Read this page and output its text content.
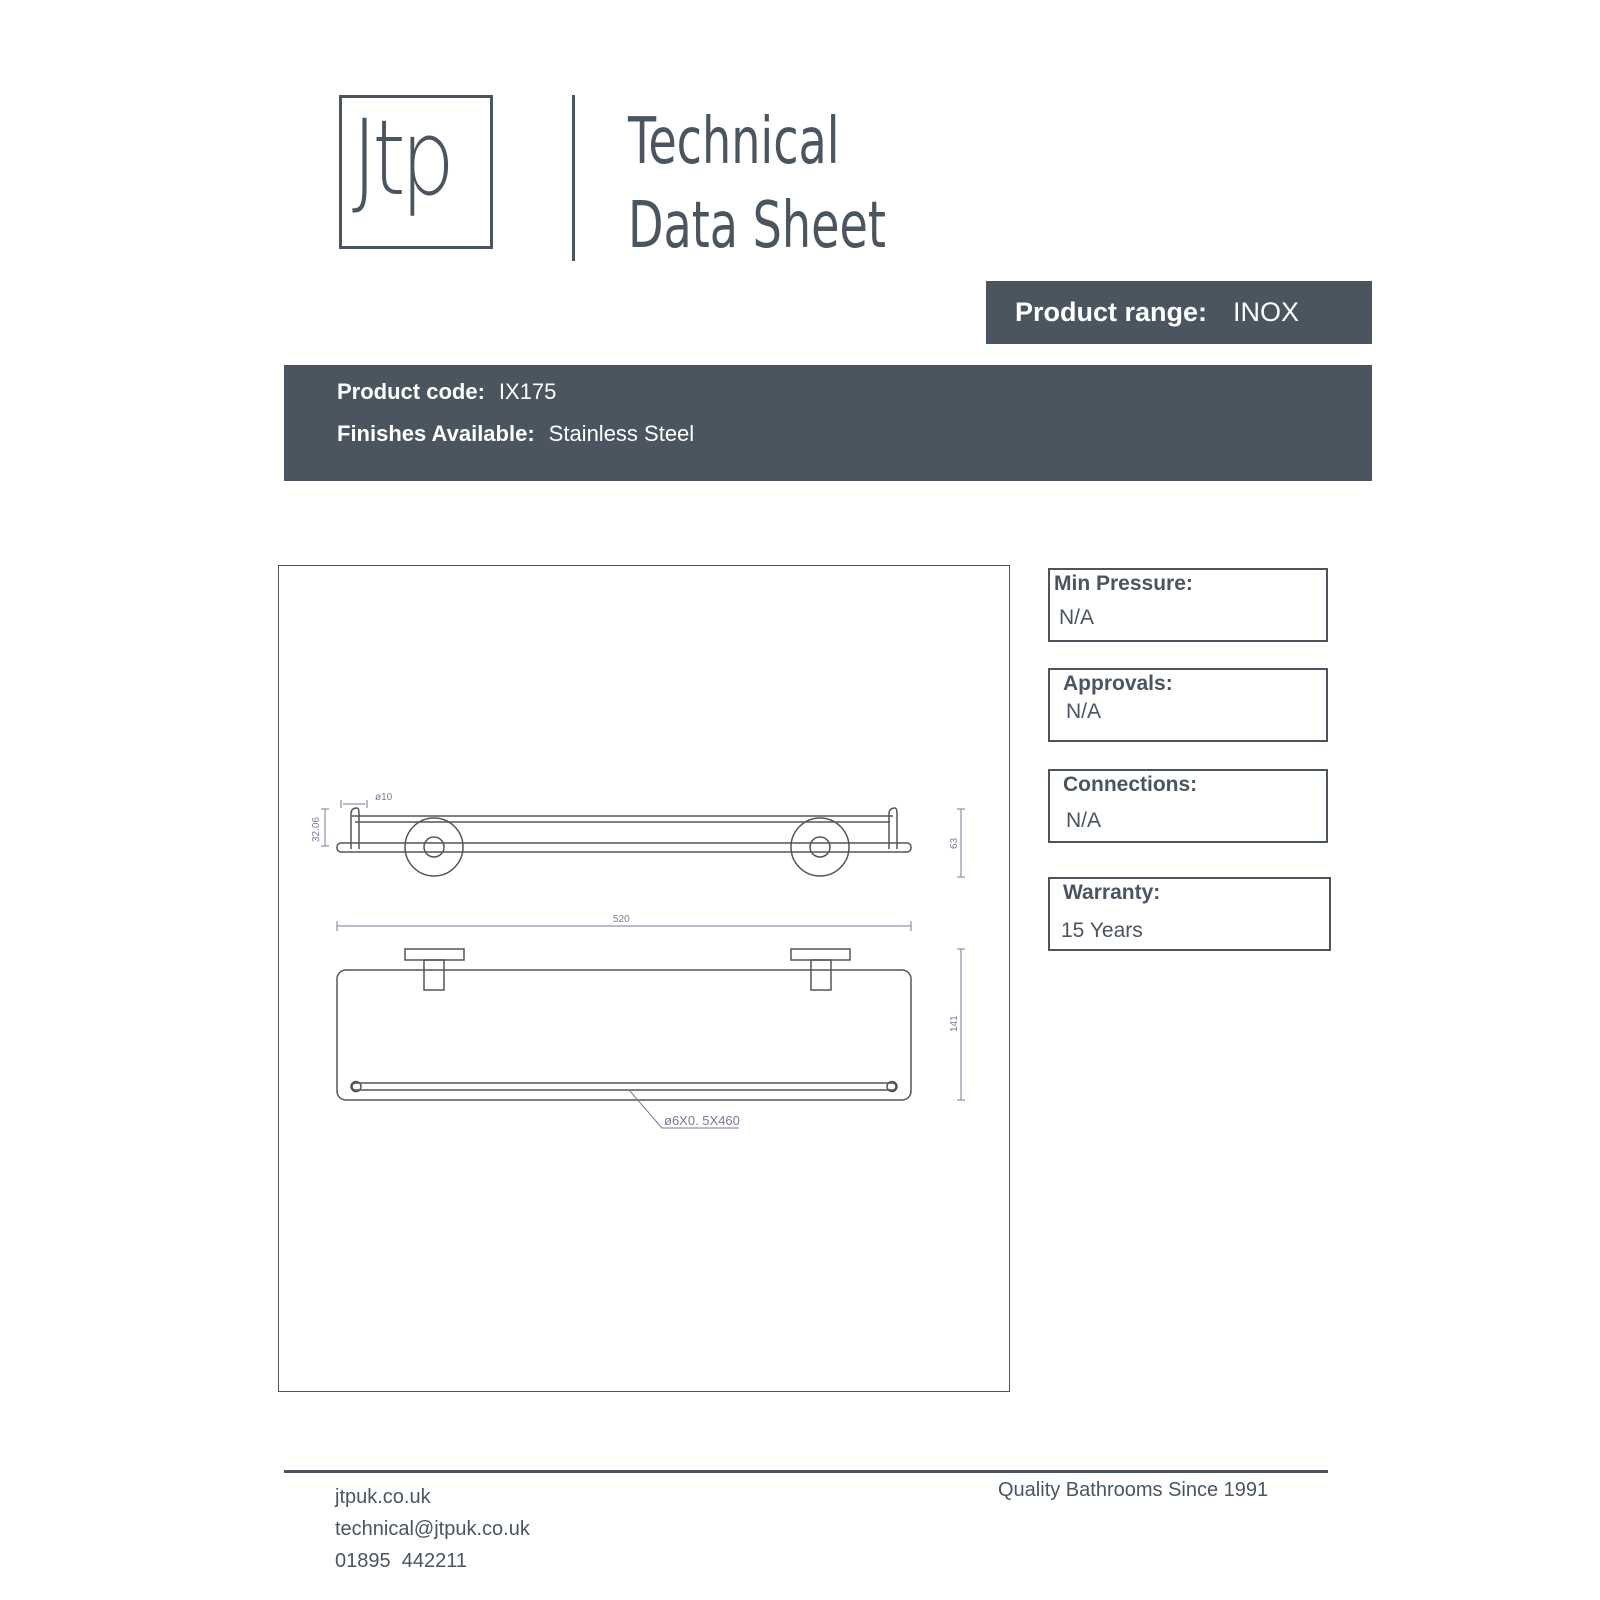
Jtp	Technical
Data Sheet
Product range: INOX
Product code: IX175
Finishes Available: Stainless Steel
ø10
32.06
63
520
141
ø6X0. 5X460
Min Pressure:
N/A
Approvals:
N/A
Connections:
N/A
Warranty:
15 Years
jtpuk.co.uk
technical@jtpuk.co.uk
01895  442211
Quality Bathrooms Since 1991
